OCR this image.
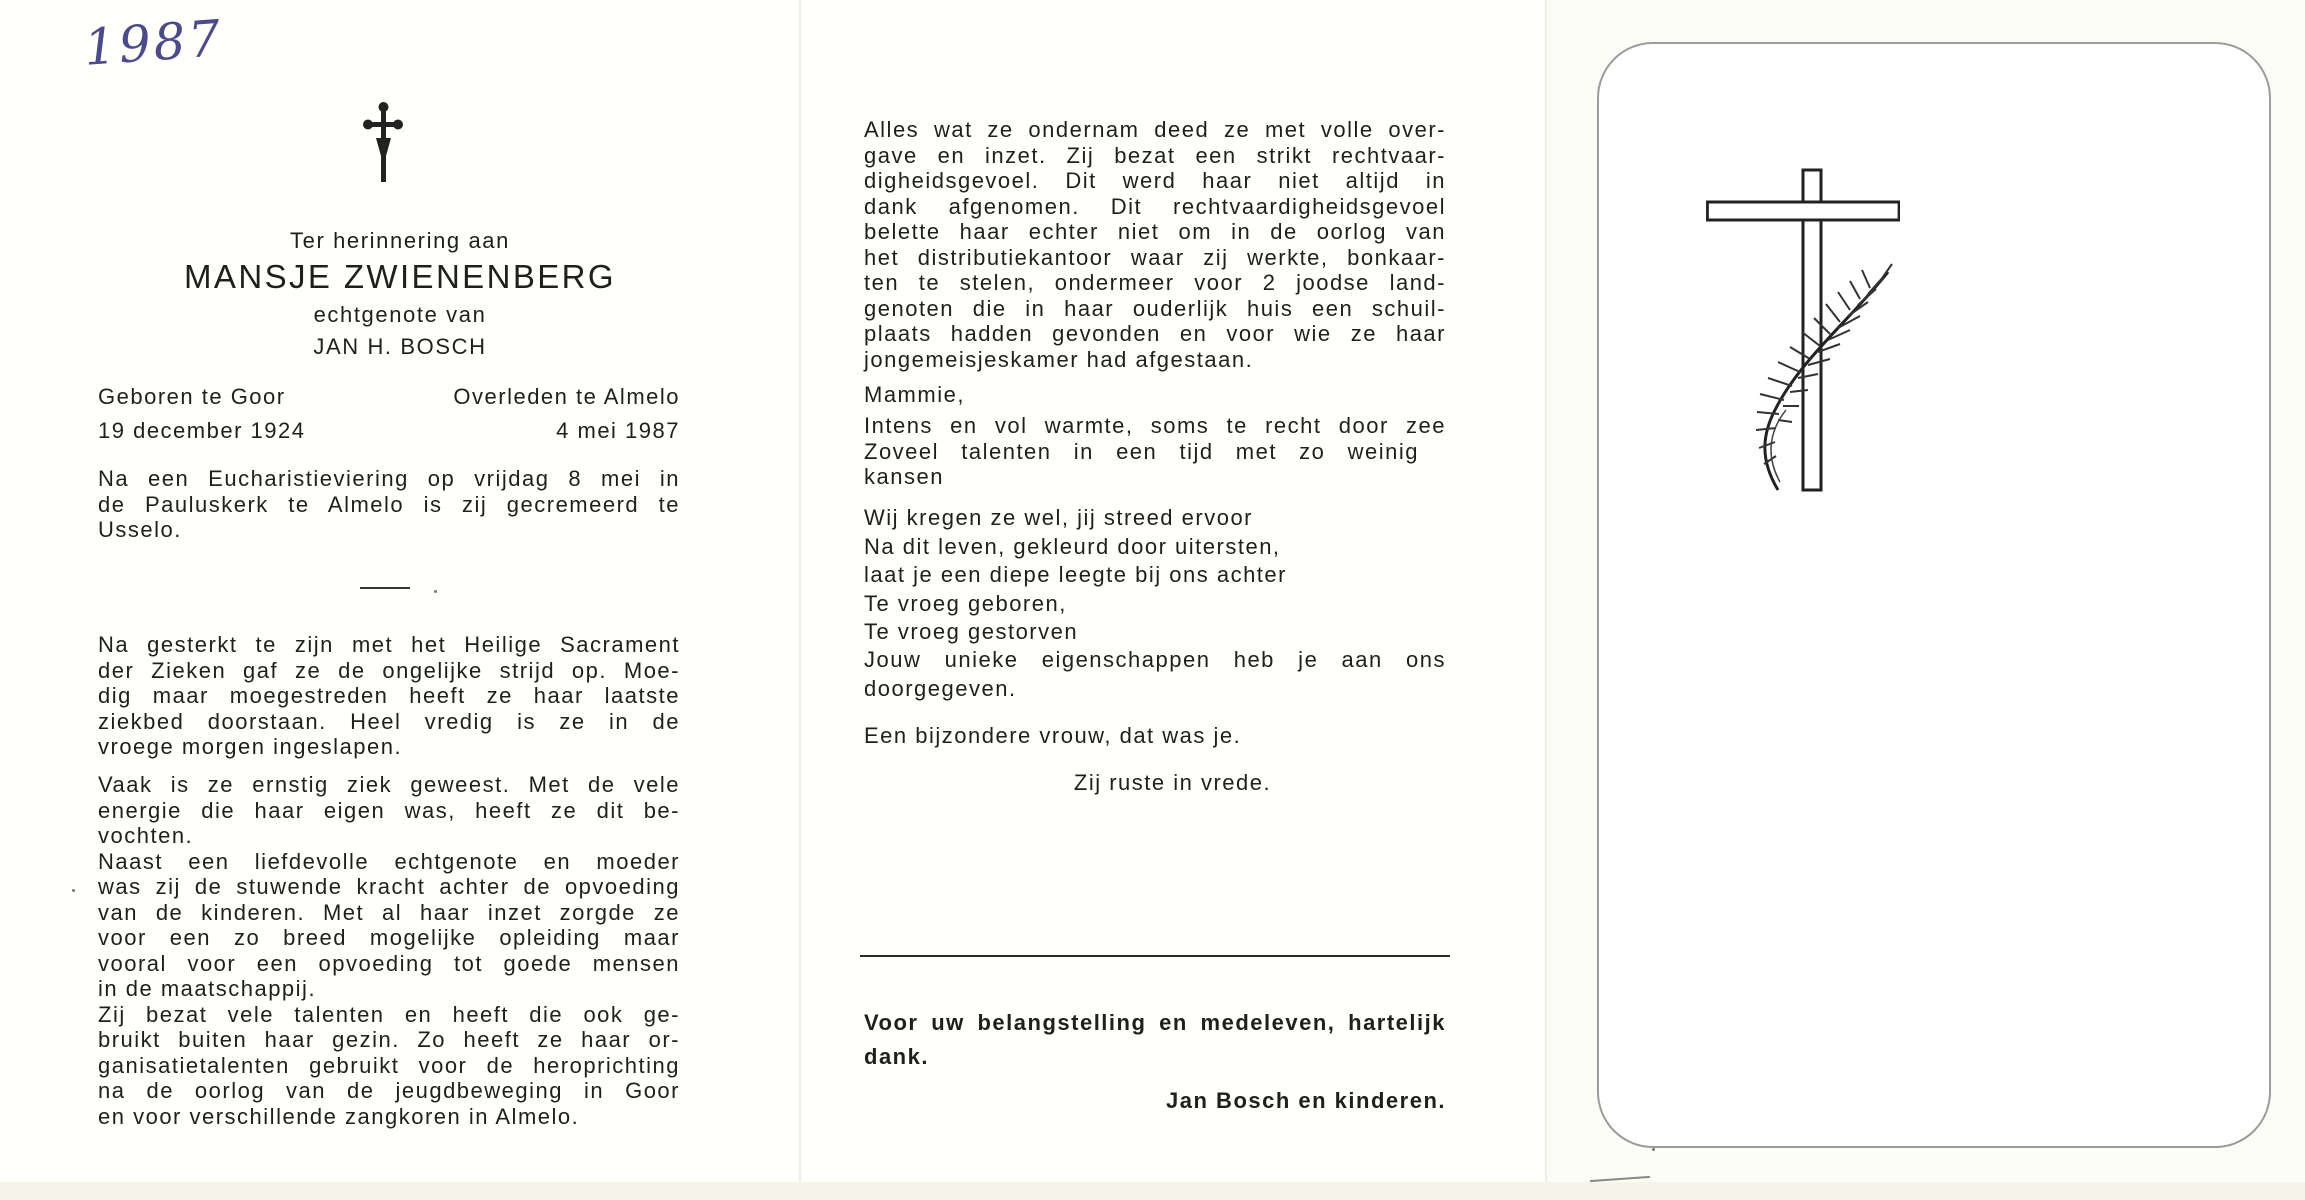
1987
Ter herinnering aan
MANSJE ZWIENENBERG
echtgenote van
JAN H. BOSCH
Geboren te Goor	Overleden te Almelo
19 december 1924	4 mei 1987
Na een Eucharistieviering op vrijdag 8 mei in
de Pauluskerk te Almelo is zij gecremeerd te
Usselo.
Na gesterkt te zijn met het Heilige Sacrament
der Zieken gaf ze de ongelijke strijd op. Moe-
dig maar moegestreden heeft ze haar laatste
ziekbed doorstaan. Heel vredig is ze in de
vroege morgen ingeslapen.
Vaak is ze ernstig ziek geweest. Met de vele
energie die haar eigen was, heeft ze dit be-
vochten.
Naast een liefdevolle echtgenote en moeder
was zij de stuwende kracht achter de opvoeding
van de kinderen. Met al haar inzet zorgde ze
voor een zo breed mogelijke opleiding maar
vooral voor een opvoeding tot goede mensen
in de maatschappij.
Zij bezat vele talenten en heeft die ook ge-
bruikt buiten haar gezin. Zo heeft ze haar or-
ganisatietalenten gebruikt voor de heroprichting
na de oorlog van de jeugdbeweging in Goor
en voor verschillende zangkoren in Almelo.
Alles wat ze ondernam deed ze met volle over-
gave en inzet. Zij bezat een strikt rechtvaar-
digheidsgevoel. Dit werd haar niet altijd in
dank afgenomen. Dit rechtvaardigheidsgevoel
belette haar echter niet om in de oorlog van
het distributiekantoor waar zij werkte, bonkaar-
ten te stelen, ondermeer voor 2 joodse land-
genoten die in haar ouderlijk huis een schuil-
plaats hadden gevonden en voor wie ze haar
jongemeisjeskamer had afgestaan.
Mammie,
Intens en vol warmte, soms te recht door zee
Zoveel talenten in een tijd met zo weinig
kansen
Wij kregen ze wel, jij streed ervoor
Na dit leven, gekleurd door uitersten,
laat je een diepe leegte bij ons achter
Te vroeg geboren,
Te vroeg gestorven
Jouw unieke eigenschappen heb je aan ons
doorgegeven.
Een bijzondere vrouw, dat was je.
Zij ruste in vrede.
Voor uw belangstelling en medeleven, hartelijk
dank.
Jan Bosch en kinderen.
